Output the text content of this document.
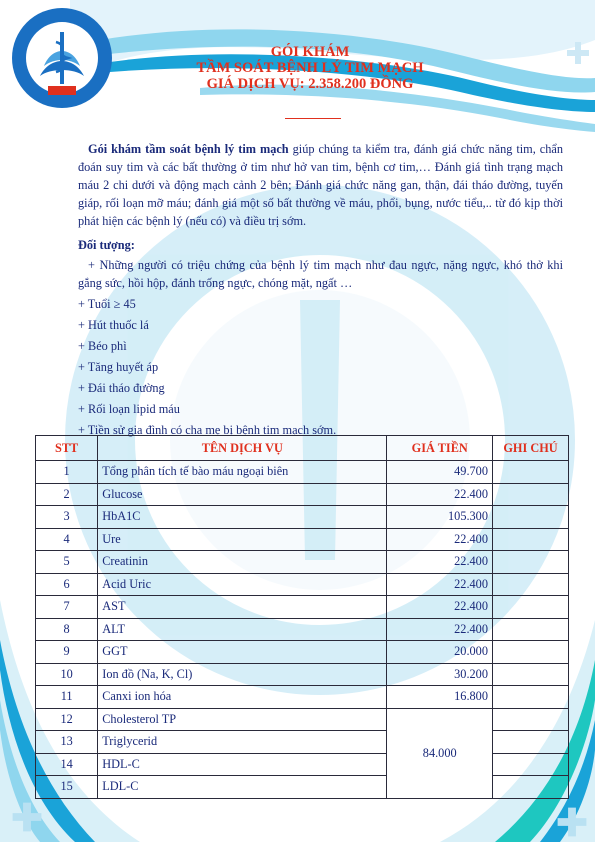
GÓI KHÁM
TẦM SOÁT BỆNH LÝ TIM MẠCH
GIÁ DỊCH VỤ: 2.358.200 ĐỒNG

Gói khám tầm soát bệnh lý tim mạch giúp chúng ta kiểm tra, đánh giá chức năng tim, chẩn đoán suy tim và các bất thường ở tim như hở van tim, bệnh cơ tim,… Đánh giá tình trạng mạch máu 2 chi dưới và động mạch cảnh 2 bên; Đánh giá chức năng gan, thận, đái tháo đường, tuyến giáp, rối loạn mỡ máu; đánh giá một số bất thường về máu, phổi, bụng, nước tiểu,.. từ đó kịp thời phát hiện các bệnh lý (nếu có) và điều trị sớm.

Đối tượng:

+ Những người có triệu chứng của bệnh lý tim mạch như đau ngực, nặng ngực, khó thở khi gắng sức, hồi hộp, đánh trống ngực, chóng mặt, ngất …

+ Tuổi ≥ 45
+ Hút thuốc lá
+ Béo phì
+ Tăng huyết áp
+ Đái tháo đường
+ Rối loạn lipid máu
+ Tiền sử gia đình có cha mẹ bị bệnh tim mạch sớm.
STT	TÊN DỊCH VỤ	GIÁ TIỀN	GHI CHÚ
1	Tổng phân tích tế bào máu ngoại biên	49.700	
2	Glucose	22.400	
3	HbA1C	105.300	
4	Ure	22.400	
5	Creatinin	22.400	
6	Acid Uric	22.400	
7	AST	22.400	
8	ALT	22.400	
9	GGT	20.000	
10	Ion đồ (Na, K, Cl)	30.200	
11	Canxi ion hóa	16.800	
12	Cholesterol TP	84.000	
13	Triglycerid		
14	HDL-C		
15	LDL-C		
